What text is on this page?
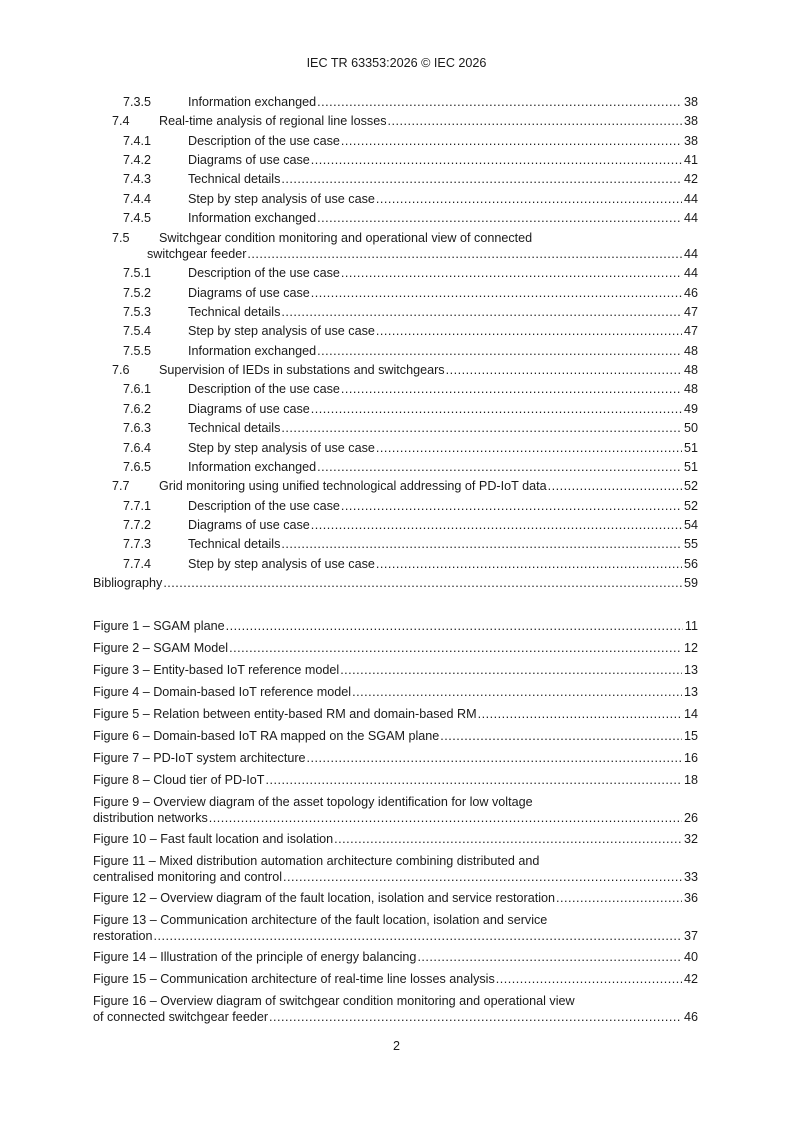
IEC TR 63353:2026 © IEC 2026
7.3.5	Information exchanged .....	38
7.4	Real-time analysis of regional line losses .....	38
7.4.1	Description of the use case .....	38
7.4.2	Diagrams of use case .....	41
7.4.3	Technical details .....	42
7.4.4	Step by step analysis of use case .....	44
7.4.5	Information exchanged .....	44
7.5 Switchgear condition monitoring and operational view of connected
switchgear feeder .....	44
7.5.1	Description of the use case .....	44
7.5.2	Diagrams of use case .....	46
7.5.3	Technical details .....	47
7.5.4	Step by step analysis of use case .....	47
7.5.5	Information exchanged .....	48
7.6	Supervision of IEDs in substations and switchgears .....	48
7.6.1	Description of the use case .....	48
7.6.2	Diagrams of use case .....	49
7.6.3	Technical details .....	50
7.6.4	Step by step analysis of use case .....	51
7.6.5	Information exchanged .....	51
7.7	Grid monitoring using unified technological addressing of PD-IoT data .....	52
7.7.1	Description of the use case .....	52
7.7.2	Diagrams of use case .....	54
7.7.3	Technical details .....	55
7.7.4	Step by step analysis of use case .....	56
Bibliography .....	59
Figure 1 – SGAM plane .....	11
Figure 2 – SGAM Model .....	12
Figure 3 – Entity-based IoT reference model .....	13
Figure 4 – Domain-based IoT reference model .....	13
Figure 5 – Relation between entity-based RM and domain-based RM .....	14
Figure 6 – Domain-based IoT RA mapped on the SGAM plane .....	15
Figure 7 – PD-IoT system architecture .....	16
Figure 8 – Cloud tier of PD-IoT .....	18
Figure 9 – Overview diagram of the asset topology identification for low voltage
distribution networks .....	26
Figure 10 – Fast fault location and isolation .....	32
Figure 11 – Mixed distribution automation architecture combining distributed and
centralised monitoring and control .....	33
Figure 12 – Overview diagram of the fault location, isolation and service restoration .....	36
Figure 13 – Communication architecture of the fault location, isolation and service
restoration .....	37
Figure 14 – Illustration of the principle of energy balancing .....	40
Figure 15 – Communication architecture of real-time line losses analysis .....	42
Figure 16 – Overview diagram of switchgear condition monitoring and operational view
of connected switchgear feeder .....	46
2
